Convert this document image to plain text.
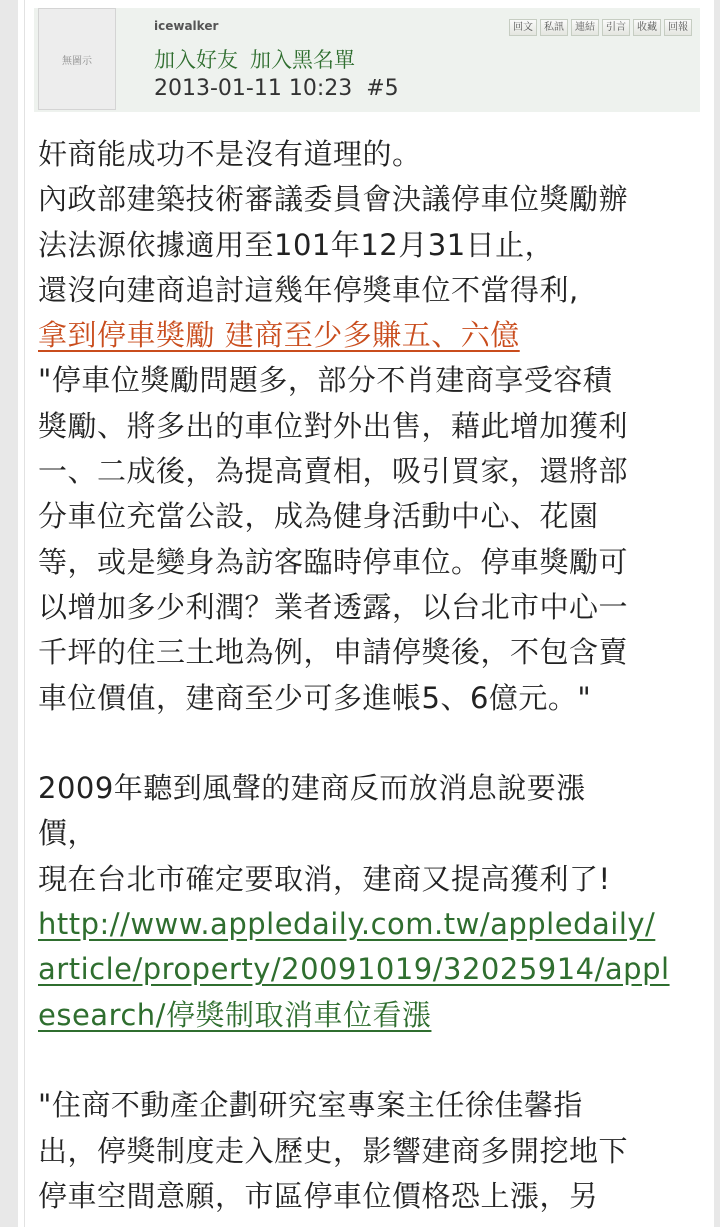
無圖示
icewalker
加入好友 加入黑名單
2013-01-11 10:23 #5
回文	私訊	連結	引言	收藏	回報
奸商能成功不是沒有道理的。
內政部建築技術審議委員會決議停車位獎勵辦
法法源依據適用至101年12月31日止，
還沒向建商追討這幾年停獎車位不當得利,
拿到停車獎勵 建商至少多賺五、六億
"停車位獎勵問題多，部分不肖建商享受容積
獎勵、將多出的車位對外出售，藉此增加獲利
一、二成後，為提高賣相，吸引買家，還將部
分車位充當公設，成為健身活動中心、花園
等，或是變身為訪客臨時停車位。停車獎勵可
以增加多少利潤？業者透露，以台北市中心一
千坪的住三土地為例，申請停獎後，不包含賣
車位價值，建商至少可多進帳5、6億元。"
2009年聽到風聲的建商反而放消息說要漲
價，
現在台北市確定要取消，建商又提高獲利了!
http://www.appledaily.com.tw/appledaily/
article/property/20091019/32025914/appl
esearch/停獎制取消車位看漲
"住商不動產企劃研究室專案主任徐佳馨指
出，停獎制度走入歷史，影響建商多開挖地下
停車空間意願，市區停車位價格恐上漲，另
